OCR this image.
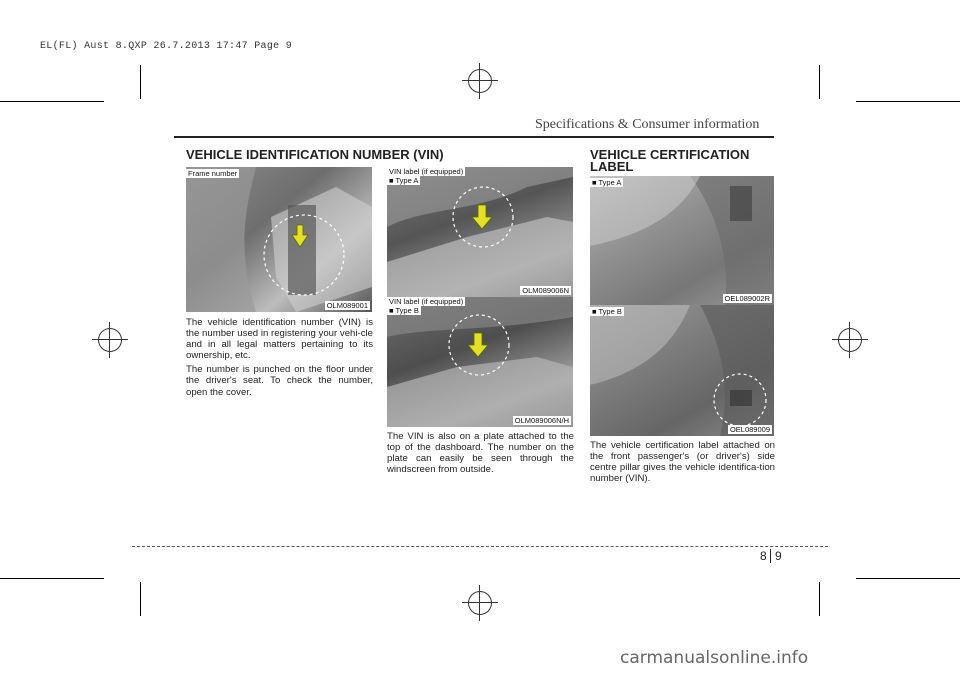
EL(FL) Aust 8.QXP 26.7.2013 17:47 Page 9
Specifications & Consumer information
VEHICLE IDENTIFICATION NUMBER (VIN)
Frame number
OLM089001

The vehicle identification number (VIN) is the number used in registering your vehi-cle and in all legal matters pertaining to its ownership, etc.

The number is punched on the floor under the driver's seat. To check the number, open the cover.

VIN label (if equipped)
■ Type A
OLM089006N
VIN label (if equipped)
■ Type B
OLM089006N/H

The VIN is also on a plate attached to the top of the dashboard. The number on the plate can easily be seen through the windscreen from outside.

VEHICLE CERTIFICATION
LABEL
■ Type A
OEL089002R
■ Type B
OEL089009

The vehicle certification label attached on the front passenger's (or driver's) side centre pillar gives the vehicle identifica-tion number (VIN).

8 9
carmanualsonline.info
